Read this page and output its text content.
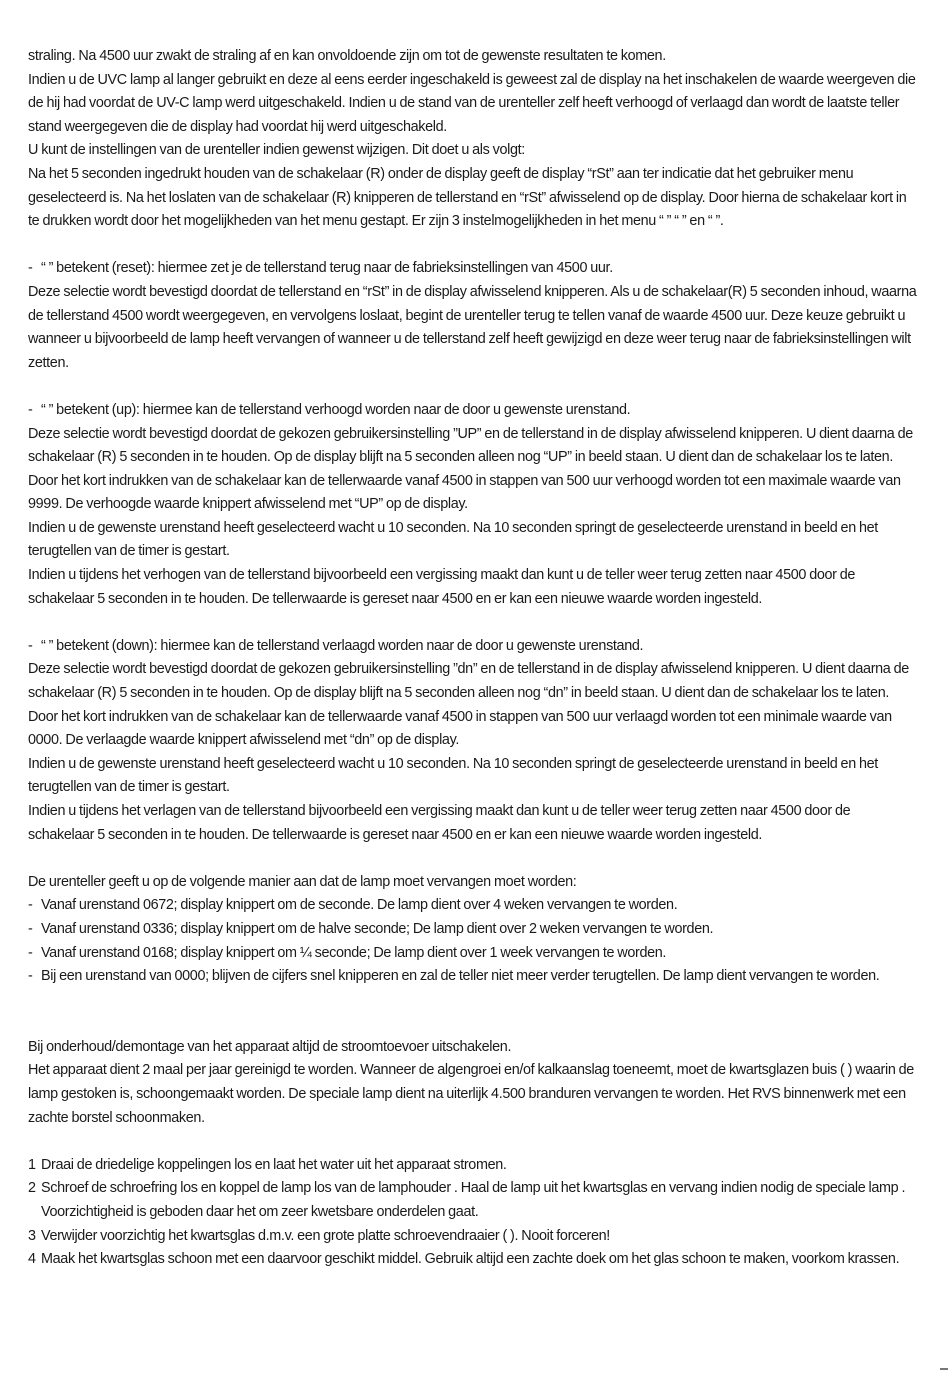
straling. Na 4500 uur zwakt de straling af en kan onvoldoende zijn om tot de gewenste resultaten te komen.

Indien u de UVC lamp al langer gebruikt en deze al eens eerder ingeschakeld is geweest zal de display na het inschakelen de waarde weergeven die de hij had voordat de UV-C lamp werd uitgeschakeld. Indien u de stand van de urenteller zelf heeft verhoogd of verlaagd dan wordt de laatste teller stand weergegeven die de display had voordat hij werd uitgeschakeld.

U kunt de instellingen van de urenteller indien gewenst wijzigen. Dit doet u als volgt:

Na het 5 seconden ingedrukt houden van de schakelaar (R) onder de display geeft de display “rSt” aan ter indicatie dat het gebruiker menu geselecteerd is. Na het loslaten van de schakelaar (R) knipperen de tellerstand en “rSt” afwisselend op de display. Door hierna de schakelaar kort in te drukken wordt door het mogelijkheden van het menu gestapt. Er zijn 3 instelmogelijkheden in het menu “ ” “ ” en “ ”.

- “ ” betekent (reset): hiermee zet je de tellerstand terug naar de fabrieksinstellingen van 4500 uur.

Deze selectie wordt bevestigd doordat de tellerstand en “rSt” in de display afwisselend knipperen. Als u de schakelaar(R) 5 seconden inhoud, waarna de tellerstand 4500 wordt weergegeven, en vervolgens loslaat, begint de urenteller terug te tellen vanaf de waarde 4500 uur. Deze keuze gebruikt u wanneer u bijvoorbeeld de lamp heeft vervangen of wanneer u de tellerstand zelf heeft gewijzigd en deze weer terug naar de fabrieksinstellingen wilt zetten.

- “ ” betekent (up): hiermee kan de tellerstand verhoogd worden naar de door u gewenste urenstand.

Deze selectie wordt bevestigd doordat de gekozen gebruikersinstelling ”UP” en de tellerstand in de display afwisselend knipperen. U dient daarna de schakelaar (R) 5 seconden in te houden. Op de display blijft na 5 seconden alleen nog “UP” in beeld staan. U dient dan de schakelaar los te laten.

Door het kort indrukken van de schakelaar kan de tellerwaarde vanaf 4500 in stappen van 500 uur verhoogd worden tot een maximale waarde van 9999. De verhoogde waarde knippert afwisselend met “UP” op de display.

Indien u de gewenste urenstand heeft geselecteerd wacht u 10 seconden. Na 10 seconden springt de geselecteerde urenstand in beeld en het terugtellen van de timer is gestart.

Indien u tijdens het verhogen van de tellerstand bijvoorbeeld een vergissing maakt dan kunt u de teller weer terug zetten naar 4500 door de schakelaar 5 seconden in te houden. De tellerwaarde is gereset naar 4500 en er kan een nieuwe waarde worden ingesteld.

- “ ” betekent (down): hiermee kan de tellerstand verlaagd worden naar de door u gewenste urenstand.

Deze selectie wordt bevestigd doordat de gekozen gebruikersinstelling ”dn” en de tellerstand in de display afwisselend knipperen. U dient daarna de schakelaar (R) 5 seconden in te houden. Op de display blijft na 5 seconden alleen nog “dn” in beeld staan. U dient dan de schakelaar los te laten.

Door het kort indrukken van de schakelaar kan de tellerwaarde vanaf 4500 in stappen van 500 uur verlaagd worden tot een minimale waarde van 0000. De verlaagde waarde knippert afwisselend met “dn” op de display.

Indien u de gewenste urenstand heeft geselecteerd wacht u 10 seconden. Na 10 seconden springt de geselecteerde urenstand in beeld en het terugtellen van de timer is gestart.

Indien u tijdens het verlagen van de tellerstand bijvoorbeeld een vergissing maakt dan kunt u de teller weer terug zetten naar 4500 door de schakelaar 5 seconden in te houden. De tellerwaarde is gereset naar 4500 en er kan een nieuwe waarde worden ingesteld.

De urenteller geeft u op de volgende manier aan dat de lamp moet vervangen moet worden:

- Vanaf urenstand 0672; display knippert om de seconde. De lamp dient over 4 weken vervangen te worden.

- Vanaf urenstand 0336; display knippert om de halve seconde; De lamp dient over 2 weken vervangen te worden.

- Vanaf urenstand 0168; display knippert om ¼ seconde; De lamp dient over 1 week vervangen te worden.

- Bij een urenstand van 0000; blijven de cijfers snel knipperen en zal de teller niet meer verder terugtellen. De lamp dient vervangen te worden.

Bij onderhoud/demontage van het apparaat altijd de stroomtoevoer uitschakelen.

Het apparaat dient 2 maal per jaar gereinigd te worden. Wanneer de algengroei en/of kalkaanslag toeneemt, moet de kwartsglazen buis ( ) waarin de lamp gestoken is, schoongemaakt worden. De speciale lamp dient na uiterlijk 4.500 branduren vervangen te worden. Het RVS binnenwerk met een zachte borstel schoonmaken.

1 Draai de driedelige koppelingen los en laat het water uit het apparaat stromen.

2 Schroef de schroefring los en koppel de lamp los van de lamphouder . Haal de lamp uit het kwartsglas en vervang indien nodig de speciale lamp . Voorzichtigheid is geboden daar het om zeer kwetsbare onderdelen gaat.

3 Verwijder voorzichtig het kwartsglas d.m.v. een grote platte schroevendraaier ( ). Nooit forceren!

4 Maak het kwartsglas schoon met een daarvoor geschikt middel. Gebruik altijd een zachte doek om het glas schoon te maken, voorkom krassen.
